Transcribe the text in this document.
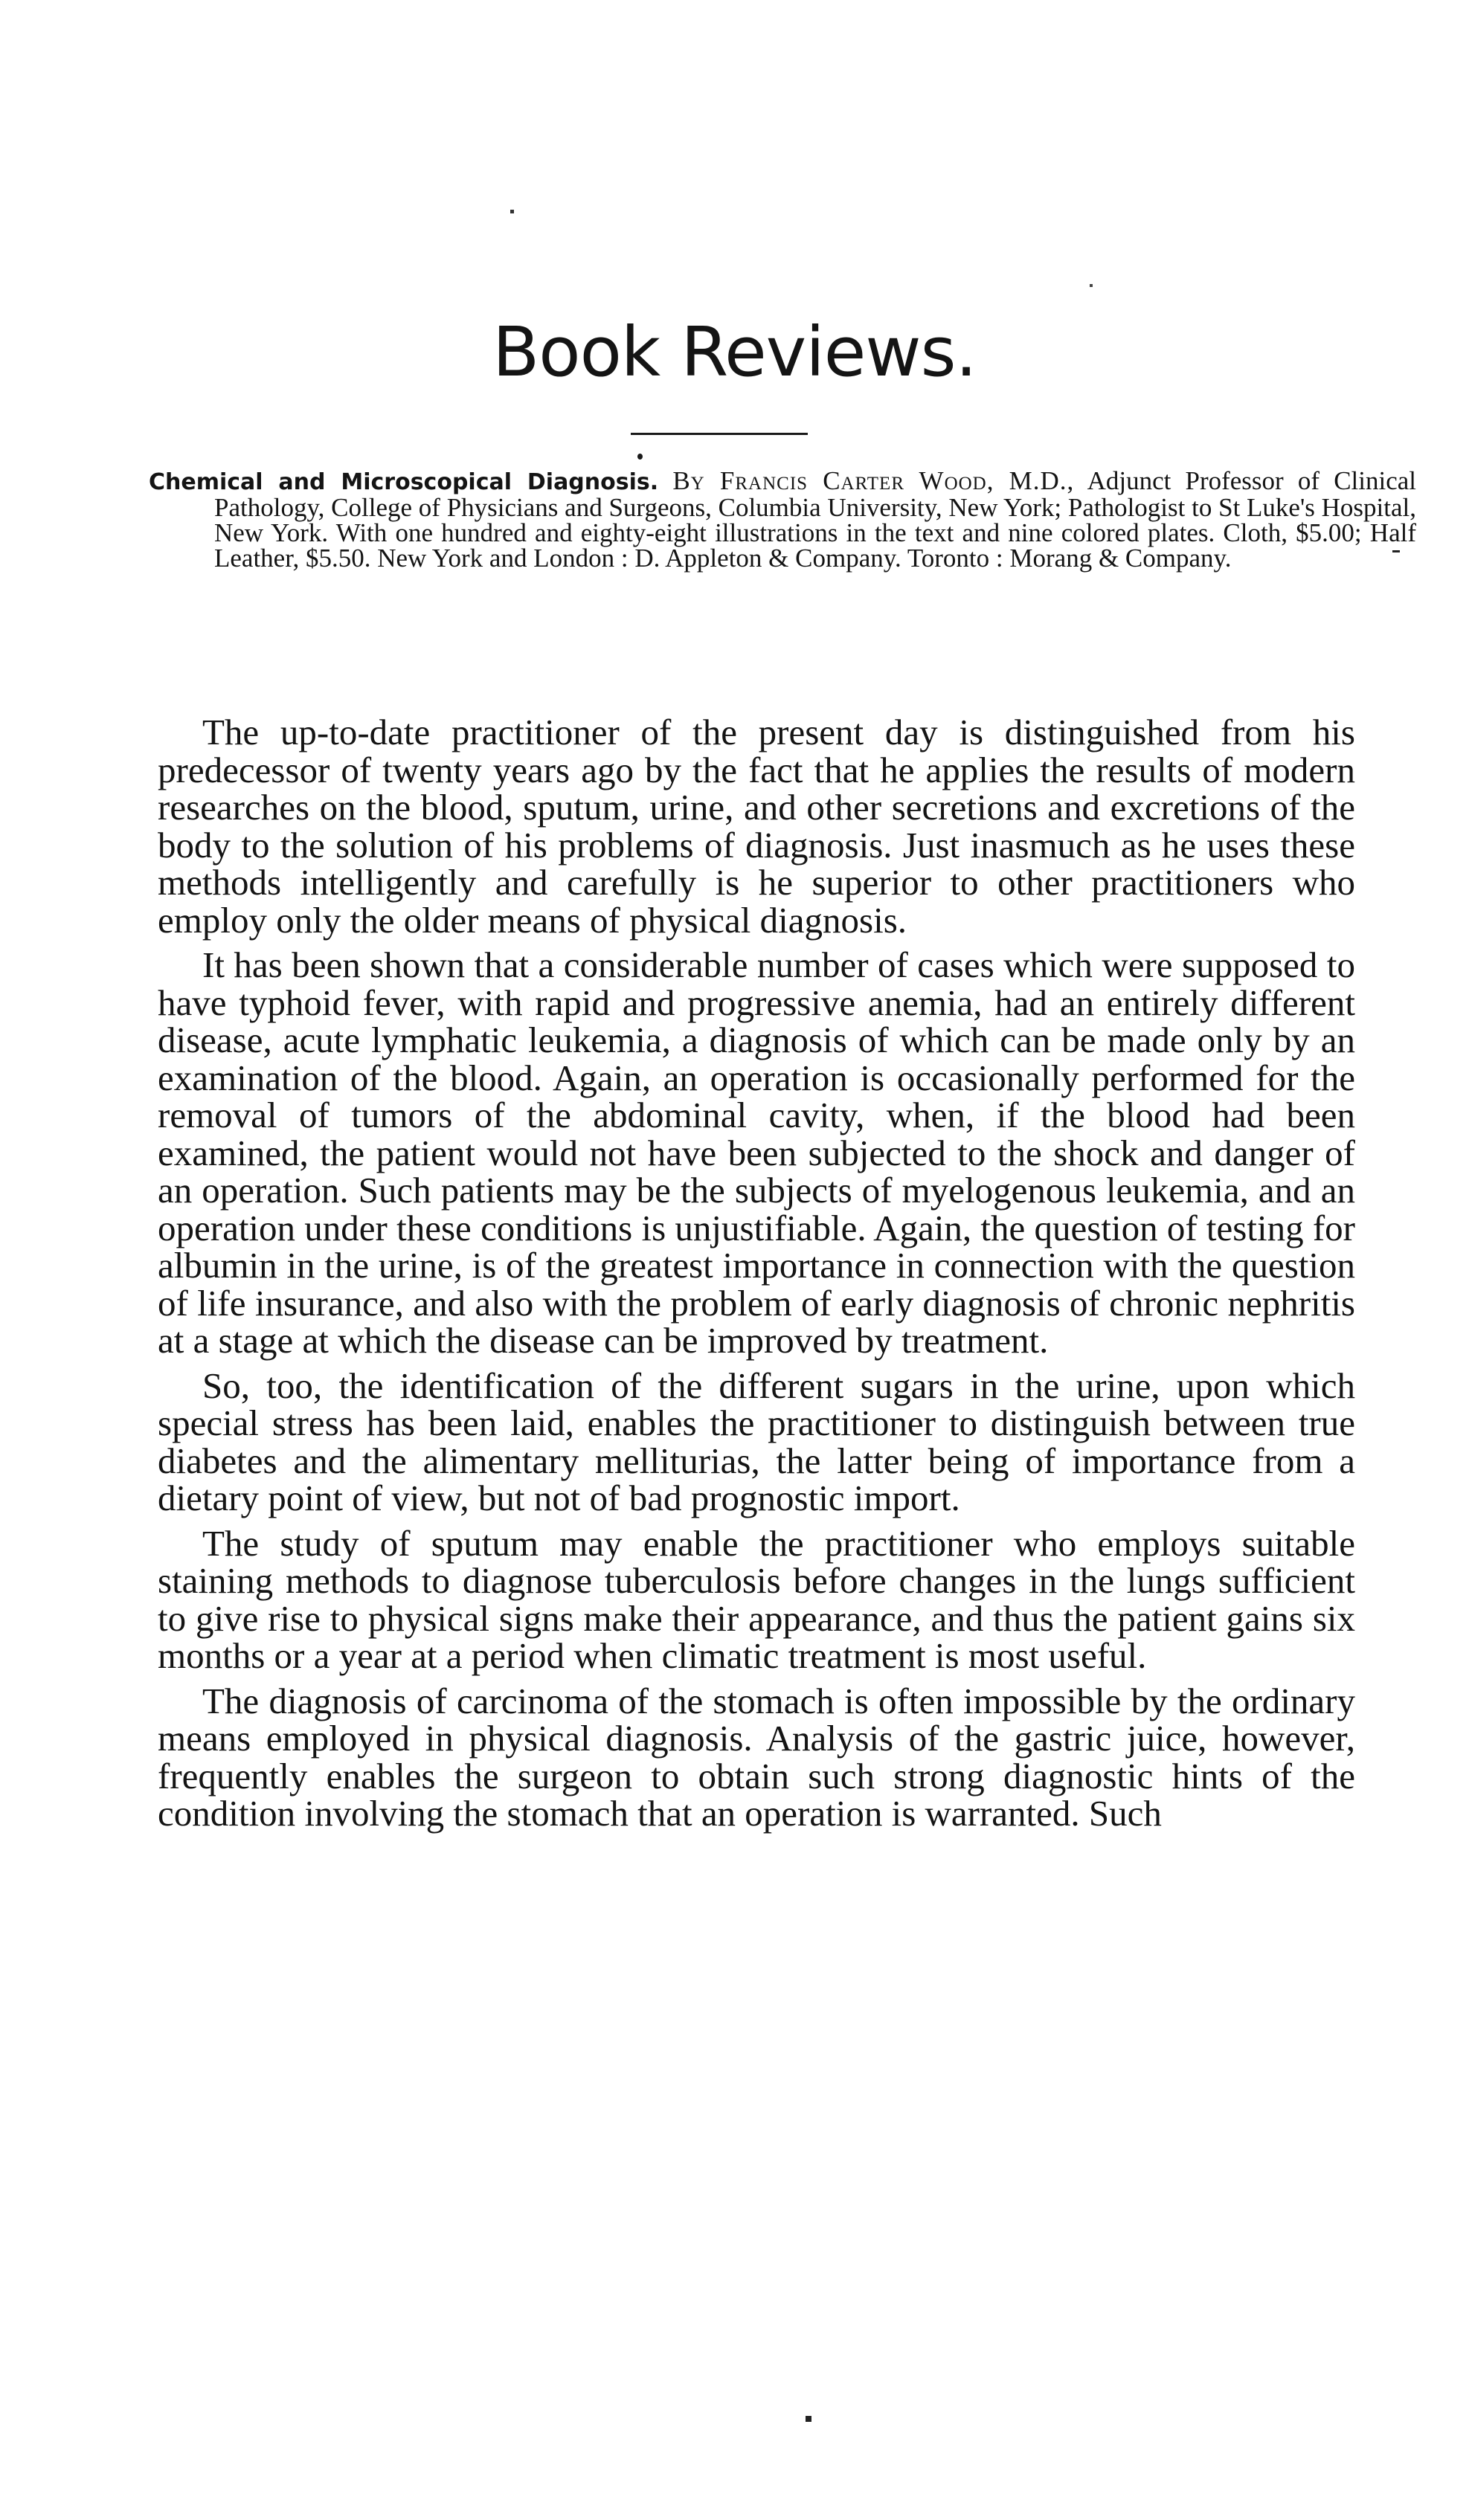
Book Reviews.
Chemical and Microscopical Diagnosis. By Francis Carter Wood, M.D., Adjunct Professor of Clinical Pathology, College of Physicians and Surgeons, Columbia University, New York; Pathologist to St Luke's Hospital, New York. With one hundred and eighty-eight illustrations in the text and nine colored plates. Cloth, $5.00; Half Leather, $5.50. New York and London : D. Appleton & Company. Toronto : Morang & Company.

The up-to-date practitioner of the present day is distinguished from his predecessor of twenty years ago by the fact that he applies the results of modern researches on the blood, sputum, urine, and other secretions and excretions of the body to the solution of his problems of diagnosis. Just inasmuch as he uses these methods intelligently and carefully is he superior to other practitioners who employ only the older means of physical diagnosis.

It has been shown that a considerable number of cases which were supposed to have typhoid fever, with rapid and progressive anemia, had an entirely different disease, acute lymphatic leukemia, a diagnosis of which can be made only by an examination of the blood. Again, an operation is occasionally performed for the removal of tumors of the abdominal cavity, when, if the blood had been examined, the patient would not have been subjected to the shock and danger of an operation. Such patients may be the subjects of myelogenous leukemia, and an operation under these conditions is unjustifiable. Again, the question of testing for albumin in the urine, is of the greatest importance in connection with the question of life insurance, and also with the problem of early diagnosis of chronic nephritis at a stage at which the disease can be improved by treatment.

So, too, the identification of the different sugars in the urine, upon which special stress has been laid, enables the practitioner to distinguish between true diabetes and the alimentary melliturias, the latter being of importance from a dietary point of view, but not of bad prognostic import.

The study of sputum may enable the practitioner who employs suitable staining methods to diagnose tuberculosis before changes in the lungs sufficient to give rise to physical signs make their appearance, and thus the patient gains six months or a year at a period when climatic treatment is most useful.

The diagnosis of carcinoma of the stomach is often impossible by the ordinary means employed in physical diagnosis. Analysis of the gastric juice, however, frequently enables the surgeon to obtain such strong diagnostic hints of the condition involving the stomach that an operation is warranted. Such
